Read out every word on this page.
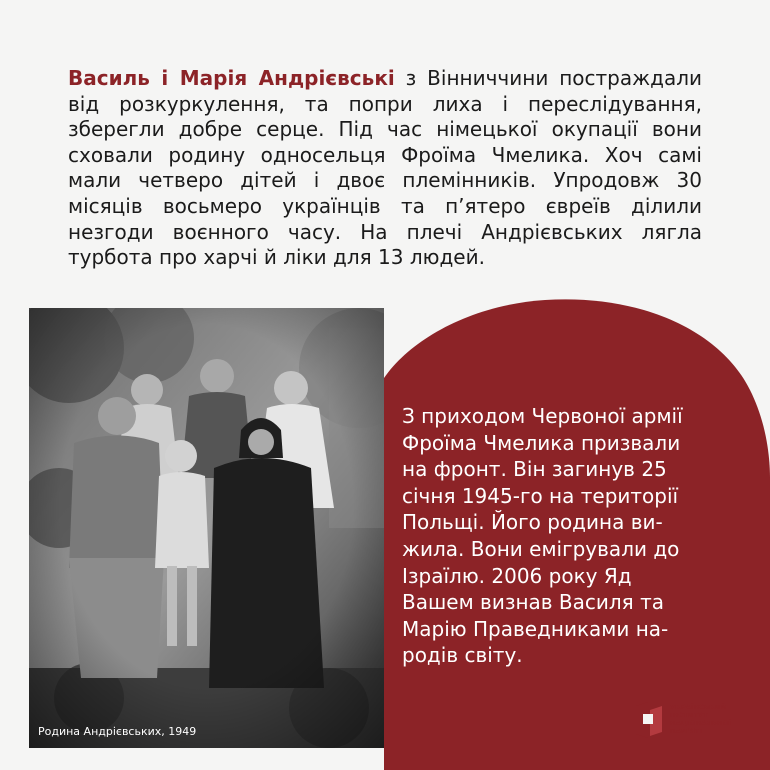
Василь і Марія Андрієвські з Вінниччини постраждали від розкуркулення, та попри лиха і переслідування, зберегли добре серце. Під час німецької окупації вони сховали родину односельця Фроїма Чмелика. Хоч самі мали четверо дітей і двоє племінників. Упродовж 30 місяців восьмеро українців та п’ятеро євреїв ділили незгоди воєнного часу. На плечі Андрієвських лягла турбота про харчі й ліки для 13 людей.

Родина Андрієвських, 1949
З приходом Червоної армії
Фроїма Чмелика призвали
на фронт. Він загинув 25
січня 1945-го на території
Польщі. Його родина ви-
жила. Вони емігрували до
Ізраїлю. 2006 року Яд
Вашем визнав Василя та
Марію Праведниками на-
родів світу.
УКРАЇНСЬКИЙ
ІНСТИТУТ
НАЦІОНАЛЬНОЇ
ПАМ'ЯТІ
